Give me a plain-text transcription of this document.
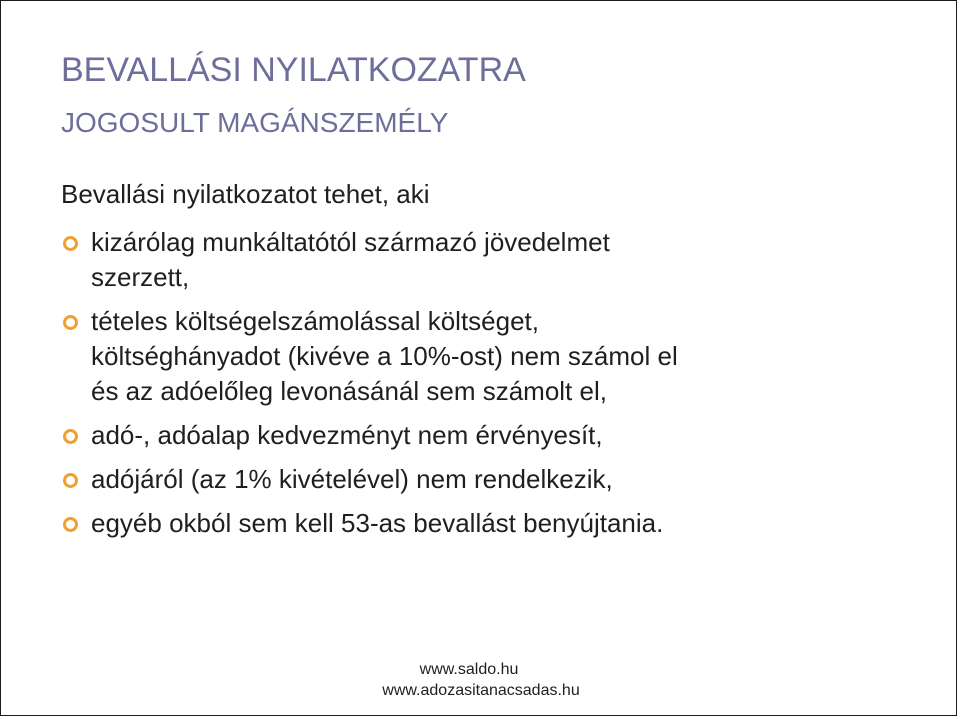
BEVALLÁSI NYILATKOZATRA
JOGOSULT MAGÁNSZEMÉLY
Bevallási nyilatkozatot tehet, aki
kizárólag munkáltatótól származó jövedelmet
szerzett,
tételes költségelszámolással költséget,
költséghányadot (kivéve a 10%-ost) nem számol el
és az adóelőleg levonásánál sem számolt el,
adó-, adóalap kedvezményt nem érvényesít,
adójáról (az 1% kivételével) nem rendelkezik,
egyéb okból sem kell 53-as bevallást benyújtania.
www.saldo.hu
www.adozasitanacsadas.hu
